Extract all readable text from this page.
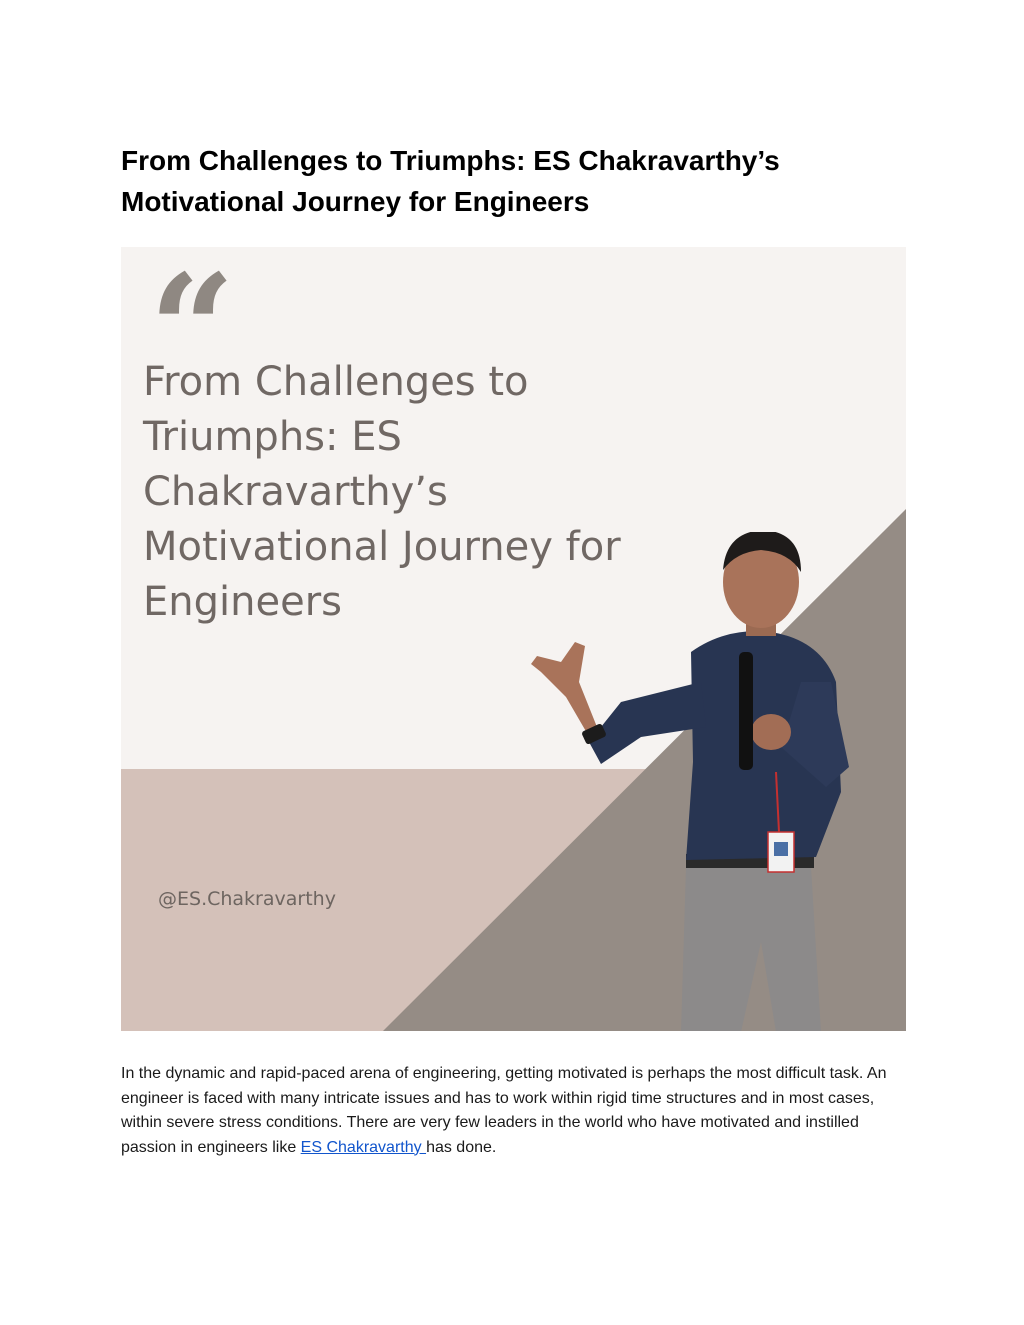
From Challenges to Triumphs: ES Chakravarthy’s Motivational Journey for Engineers
“
From Challenges to Triumphs: ES Chakravarthy’s Motivational Journey for Engineers
@ES.Chakravarthy

In the dynamic and rapid-paced arena of engineering, getting motivated is perhaps the most difficult task. An engineer is faced with many intricate issues and has to work within rigid time structures and in most cases, within severe stress conditions. There are very few leaders in the world who have motivated and instilled passion in engineers like ES Chakravarthy has done.
